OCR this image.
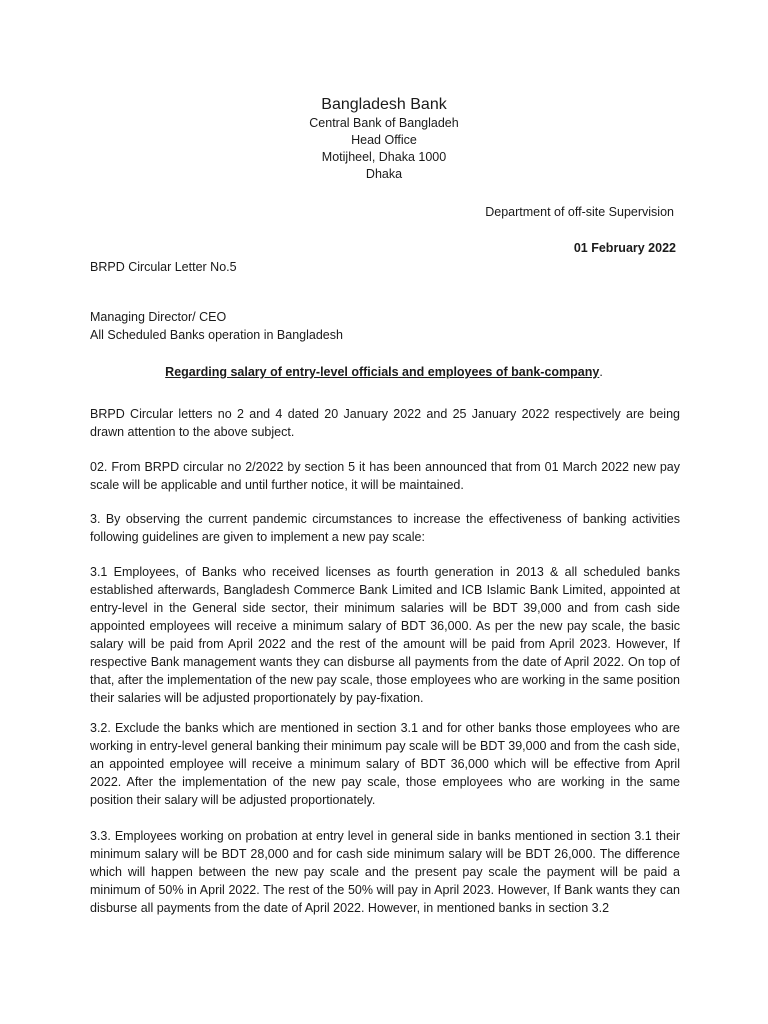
Bangladesh Bank
Central Bank of Bangladeh
Head Office
Motijheel, Dhaka 1000
Dhaka
Department of off-site Supervision
01 February 2022
BRPD Circular Letter No.5
Managing Director/ CEO
All Scheduled Banks operation in Bangladesh
Regarding salary of entry-level officials and employees of bank-company.
BRPD Circular letters no 2 and 4 dated 20 January 2022 and 25 January 2022 respectively are being drawn attention to the above subject.
02. From BRPD circular no 2/2022 by section 5 it has been announced that from 01 March 2022 new pay scale will be applicable and until further notice, it will be maintained.
3. By observing the current pandemic circumstances to increase the effectiveness of banking activities following guidelines are given to implement a new pay scale:
3.1 Employees, of Banks who received licenses as fourth generation in 2013 & all scheduled banks established afterwards, Bangladesh Commerce Bank Limited and ICB Islamic Bank Limited, appointed at entry-level in the General side sector, their minimum salaries will be BDT 39,000 and from cash side appointed employees will receive a minimum salary of BDT 36,000. As per the new pay scale, the basic salary will be paid from April 2022 and the rest of the amount will be paid from April 2023. However, If respective Bank management wants they can disburse all payments from the date of April 2022. On top of that, after the implementation of the new pay scale, those employees who are working in the same position their salaries will be adjusted proportionately by pay-fixation.
3.2. Exclude the banks which are mentioned in section 3.1 and for other banks those employees who are working in entry-level general banking their minimum pay scale will be BDT 39,000 and from the cash side, an appointed employee will receive a minimum salary of BDT 36,000 which will be effective from April 2022. After the implementation of the new pay scale, those employees who are working in the same position their salary will be adjusted proportionately.
3.3. Employees working on probation at entry level in general side in banks mentioned in section 3.1 their minimum salary will be BDT 28,000 and for cash side minimum salary will be BDT 26,000. The difference which will happen between the new pay scale and the present pay scale the payment will be paid a minimum of 50% in April 2022. The rest of the 50% will pay in April 2023. However, If Bank wants they can disburse all payments from the date of April 2022. However, in mentioned banks in section 3.2
